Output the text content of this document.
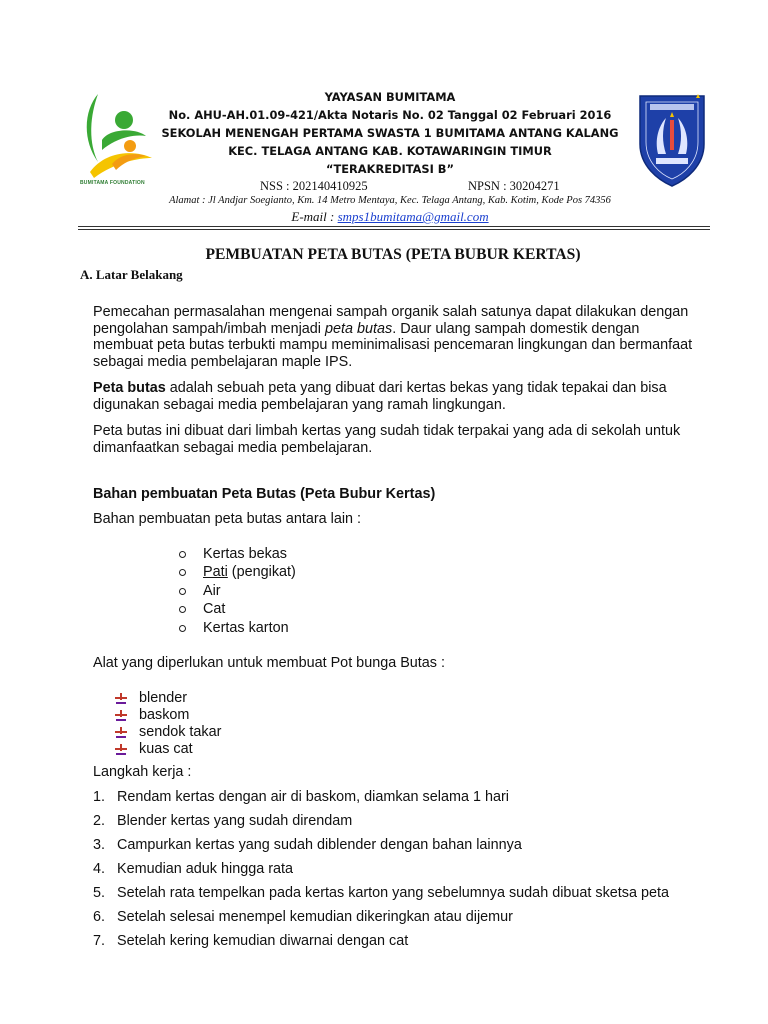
BUMITAMA FOUNDATION
YAYASAN BUMITAMA
No. AHU-AH.01.09-421/Akta Notaris No. 02 Tanggal 02 Februari 2016
SEKOLAH MENENGAH PERTAMA SWASTA 1 BUMITAMA ANTANG KALANG
KEC. TELAGA ANTANG KAB. KOTAWARINGIN TIMUR
“TERAKREDITASI B”
NSS : 202140410925	NPSN : 30204271
Alamat : Jl Andjar Soegianto, Km. 14 Metro Mentaya, Kec. Telaga Antang, Kab. Kotim, Kode Pos 74356
E-mail : smps1bumitama@gmail.com
PEMBUATAN PETA BUTAS (PETA BUBUR KERTAS)
A. Latar Belakang

Pemecahan permasalahan mengenai sampah organik salah satunya dapat dilakukan dengan pengolahan sampah/imbah menjadi peta butas. Daur ulang sampah domestik dengan membuat peta butas terbukti mampu meminimalisasi pencemaran lingkungan dan bermanfaat sebagai media pembelajaran maple IPS.

Peta butas adalah sebuah peta yang dibuat dari kertas bekas yang tidak tepakai dan bisa digunakan sebagai media pembelajaran yang ramah lingkungan.

Peta butas ini dibuat dari limbah kertas yang sudah tidak terpakai yang ada di sekolah untuk dimanfaatkan sebagai media pembelajaran.

Bahan pembuatan Peta Butas (Peta Bubur Kertas)

Bahan pembuatan peta butas antara lain :

Kertas bekas
Pati (pengikat)
Air
Cat
Kertas karton

Alat yang diperlukan untuk membuat Pot bunga Butas :

blender
baskom
sendok takar
kuas cat

Langkah kerja :

1. Rendam kertas dengan air di baskom, diamkan selama 1 hari
2. Blender kertas yang sudah direndam
3. Campurkan kertas yang sudah diblender dengan bahan lainnya
4. Kemudian aduk hingga rata
5. Setelah rata tempelkan pada kertas karton yang sebelumnya sudah dibuat sketsa peta
6. Setelah selesai menempel kemudian dikeringkan atau dijemur
7. Setelah kering kemudian diwarnai dengan cat
